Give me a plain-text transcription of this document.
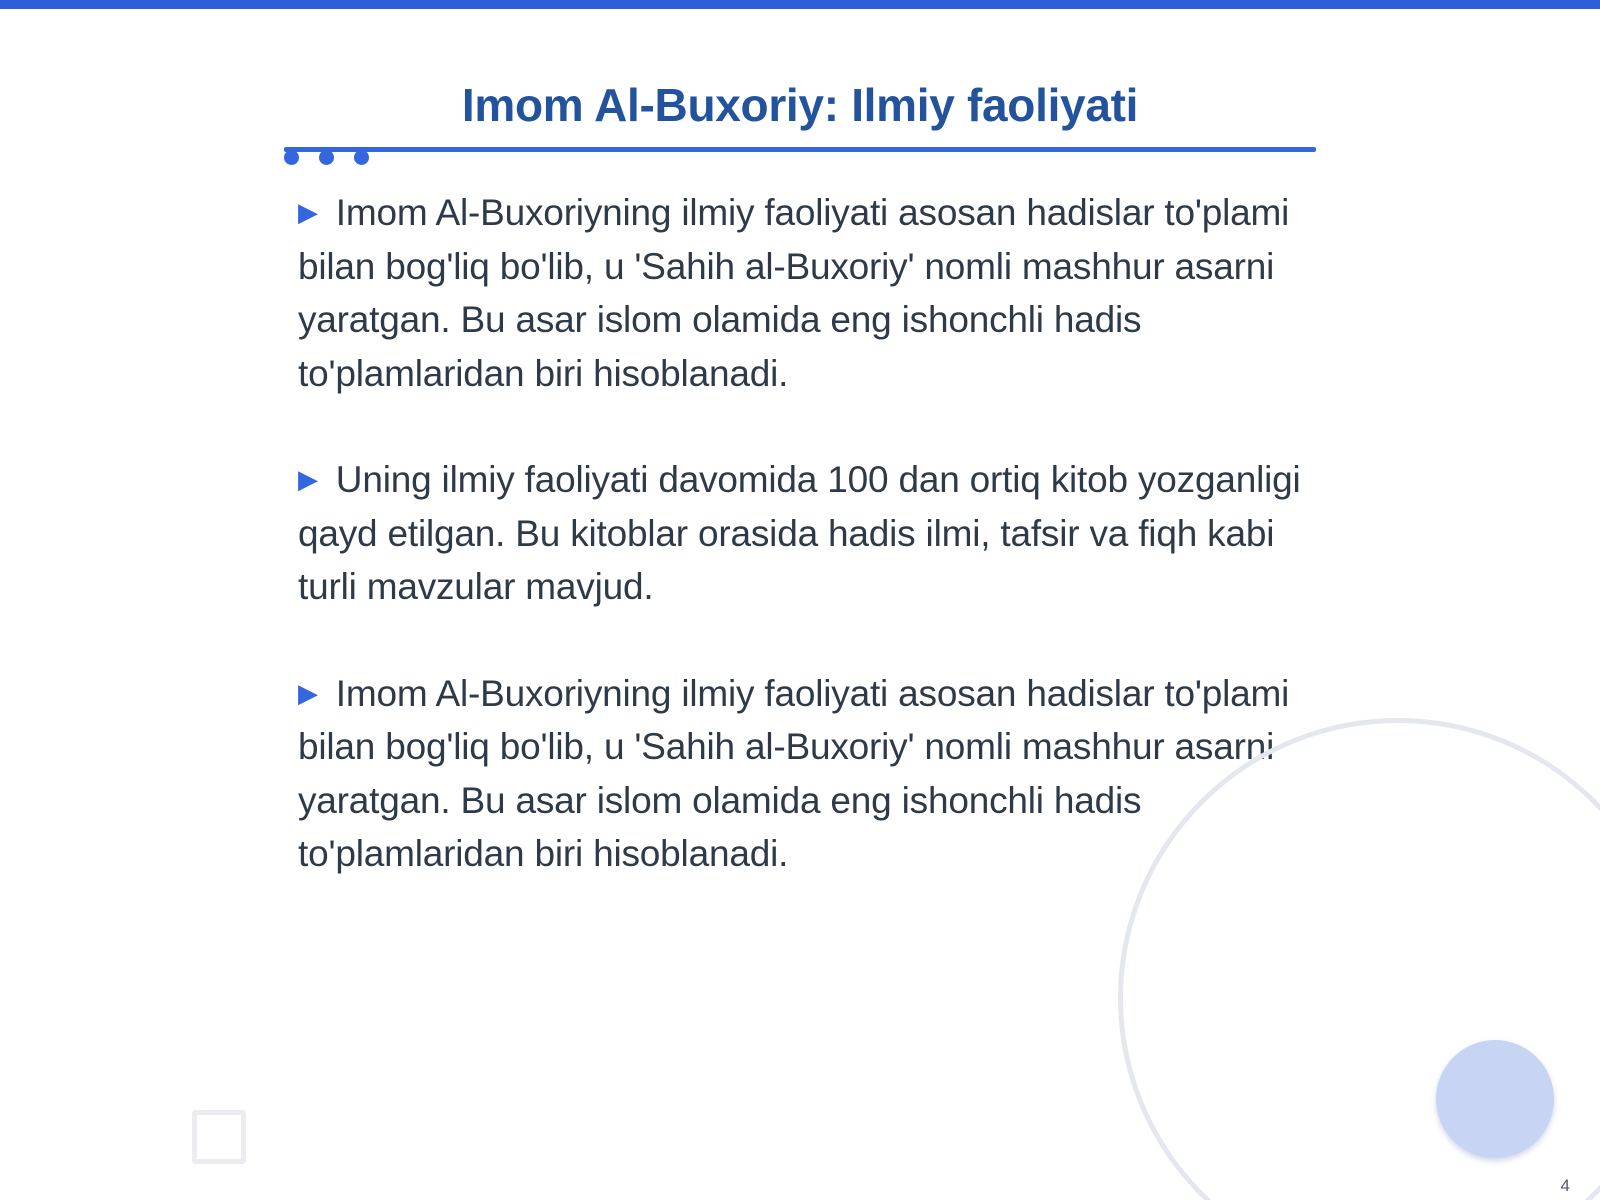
Imom Al-Buxoriy: Ilmiy faoliyati

▶ Imom Al-Buxoriyning ilmiy faoliyati asosan hadislar to'plami bilan bog'liq bo'lib, u 'Sahih al-Buxoriy' nomli mashhur asarni yaratgan. Bu asar islom olamida eng ishonchli hadis to'plamlaridan biri hisoblanadi.

▶ Uning ilmiy faoliyati davomida 100 dan ortiq kitob yozganligi qayd etilgan. Bu kitoblar orasida hadis ilmi, tafsir va fiqh kabi turli mavzular mavjud.

▶ Imom Al-Buxoriyning ilmiy faoliyati asosan hadislar to'plami bilan bog'liq bo'lib, u 'Sahih al-Buxoriy' nomli mashhur asarni yaratgan. Bu asar islom olamida eng ishonchli hadis to'plamlaridan biri hisoblanadi.

4
